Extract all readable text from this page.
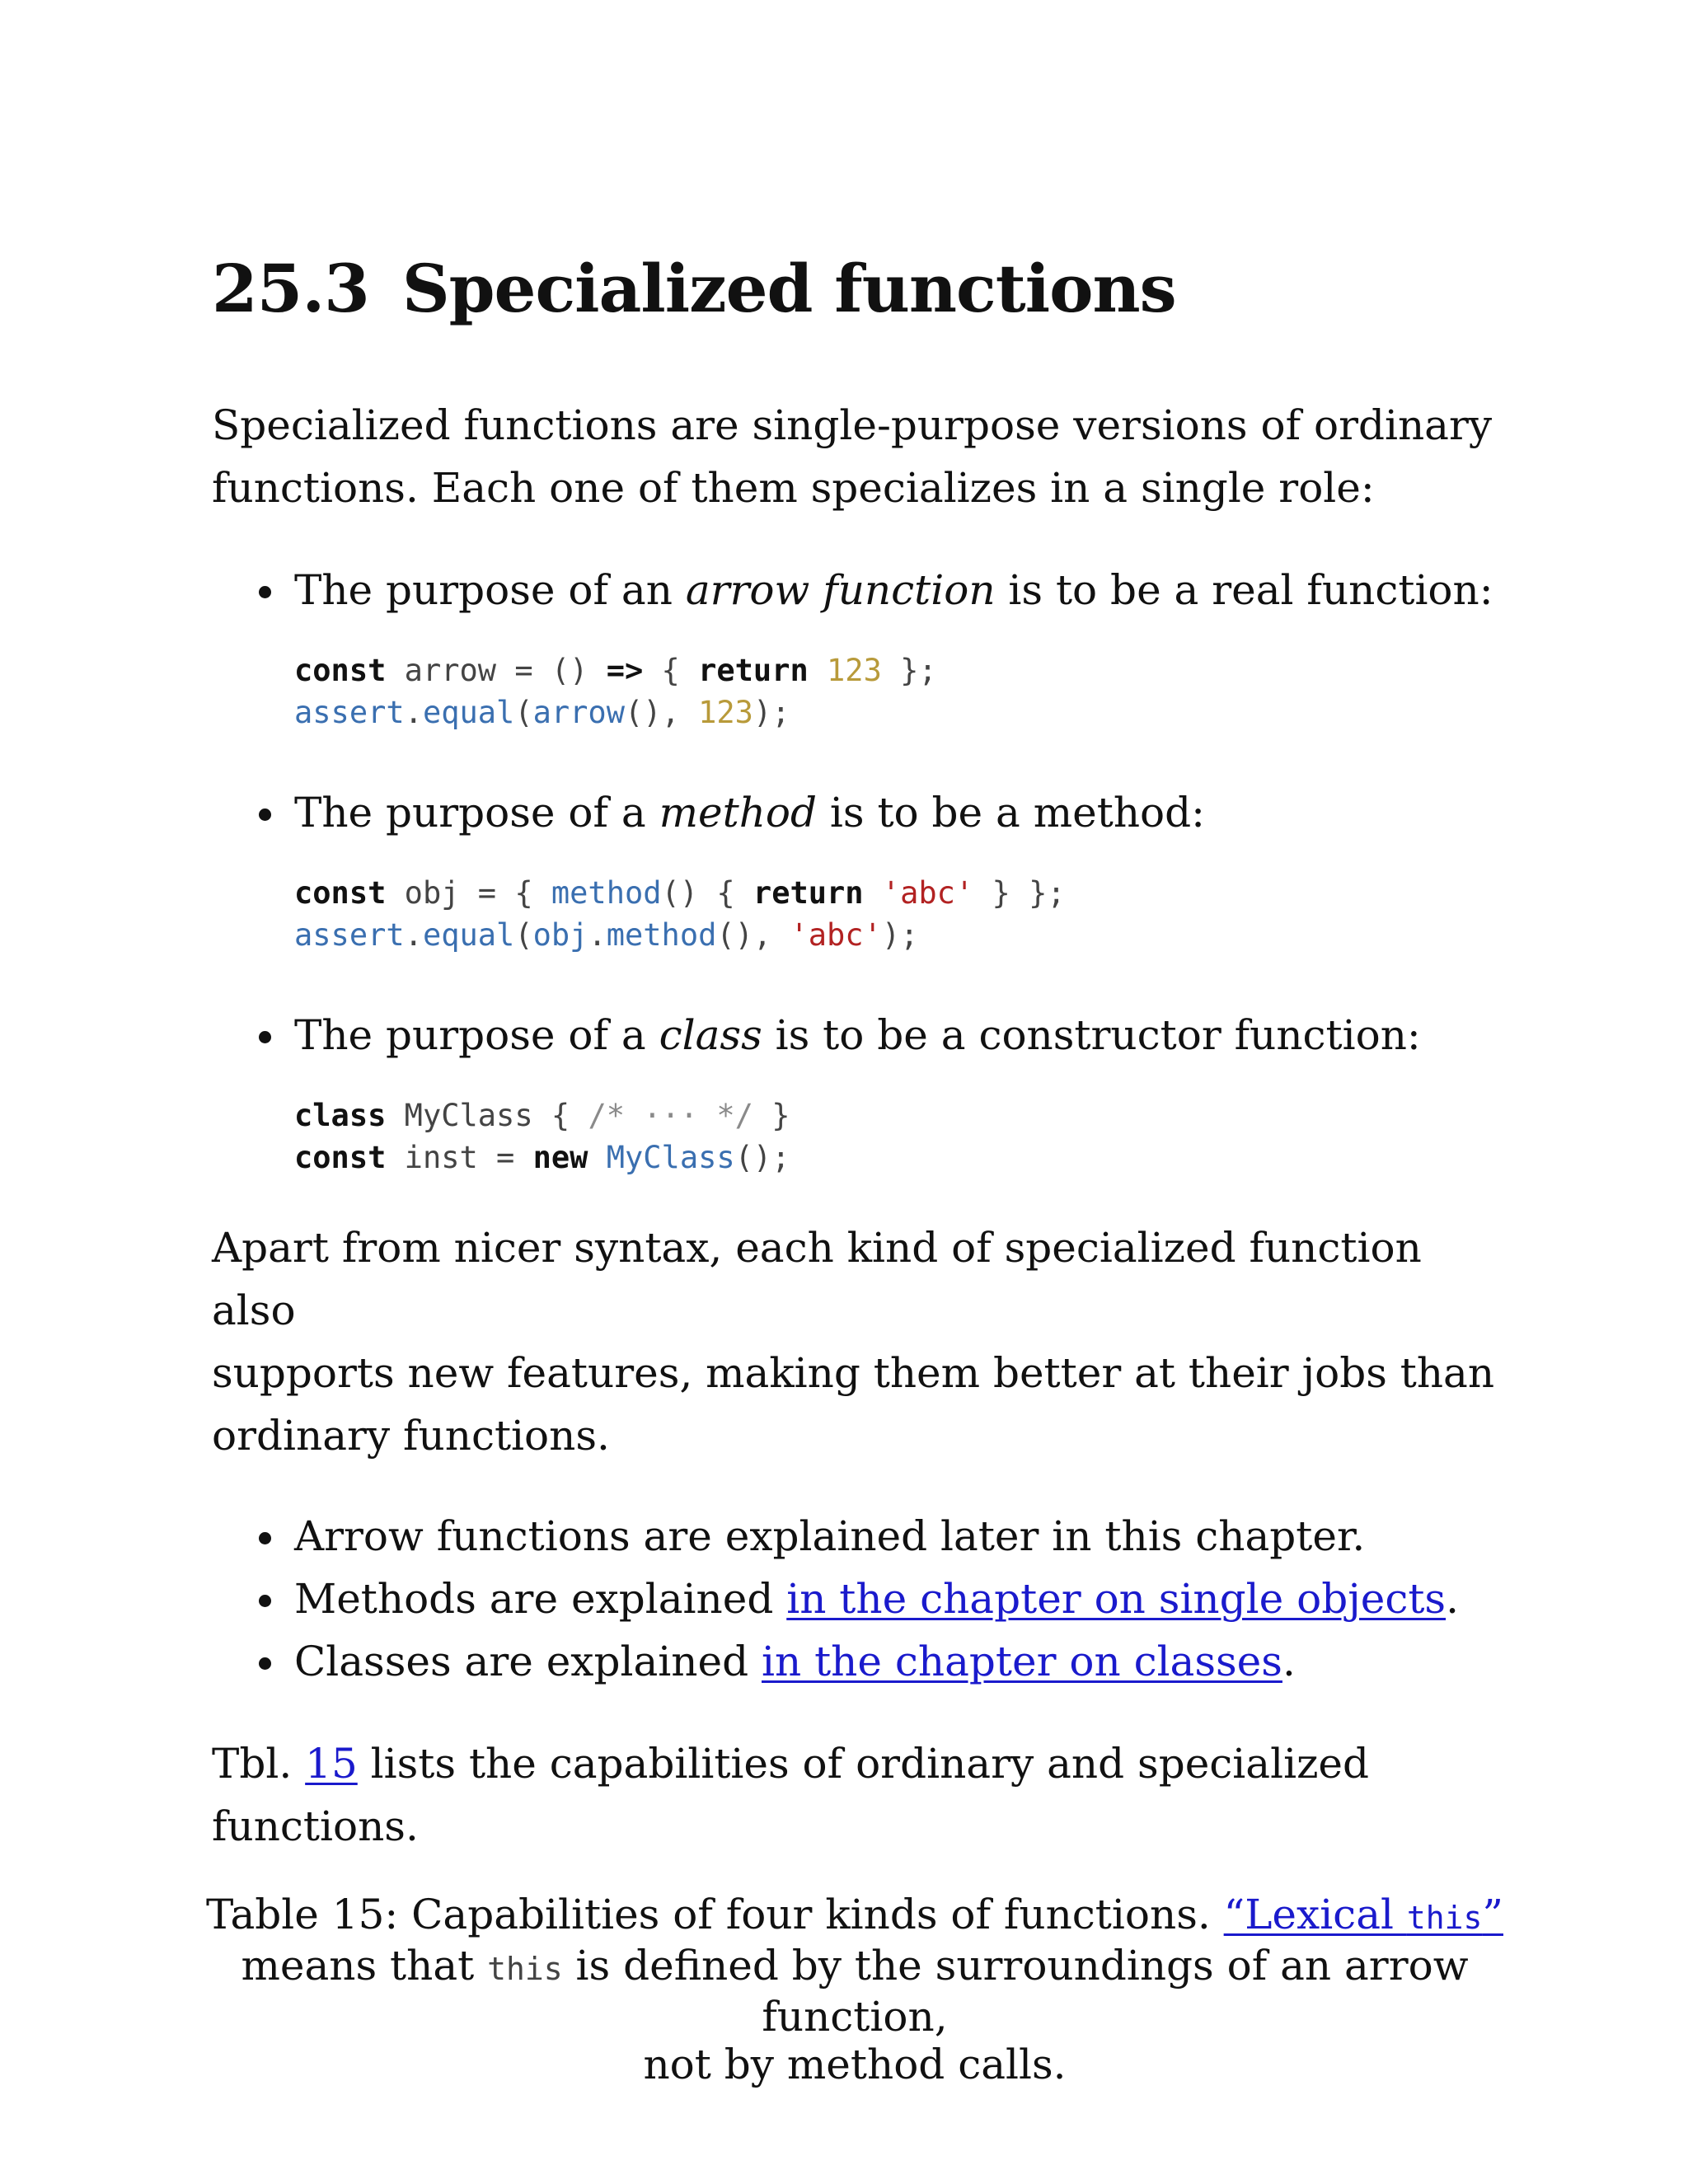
25.3 Specialized functions

Specialized functions are single-purpose versions of ordinary
functions. Each one of them specializes in a single role:

The purpose of an arrow function is to be a real function:
const arrow = () => { return 123 };
assert.equal(arrow(), 123);
The purpose of a method is to be a method:
const obj = { method() { return 'abc' } };
assert.equal(obj.method(), 'abc');
The purpose of a class is to be a constructor function:
class MyClass { /* ··· */ }
const inst = new MyClass();

Apart from nicer syntax, each kind of specialized function also
supports new features, making them better at their jobs than
ordinary functions.

Arrow functions are explained later in this chapter.
Methods are explained in the chapter on single objects.
Classes are explained in the chapter on classes.

Tbl. 15 lists the capabilities of ordinary and specialized functions.

Table 15: Capabilities of four kinds of functions. “Lexical this”
means that this is defined by the surroundings of an arrow function,
not by method calls.
